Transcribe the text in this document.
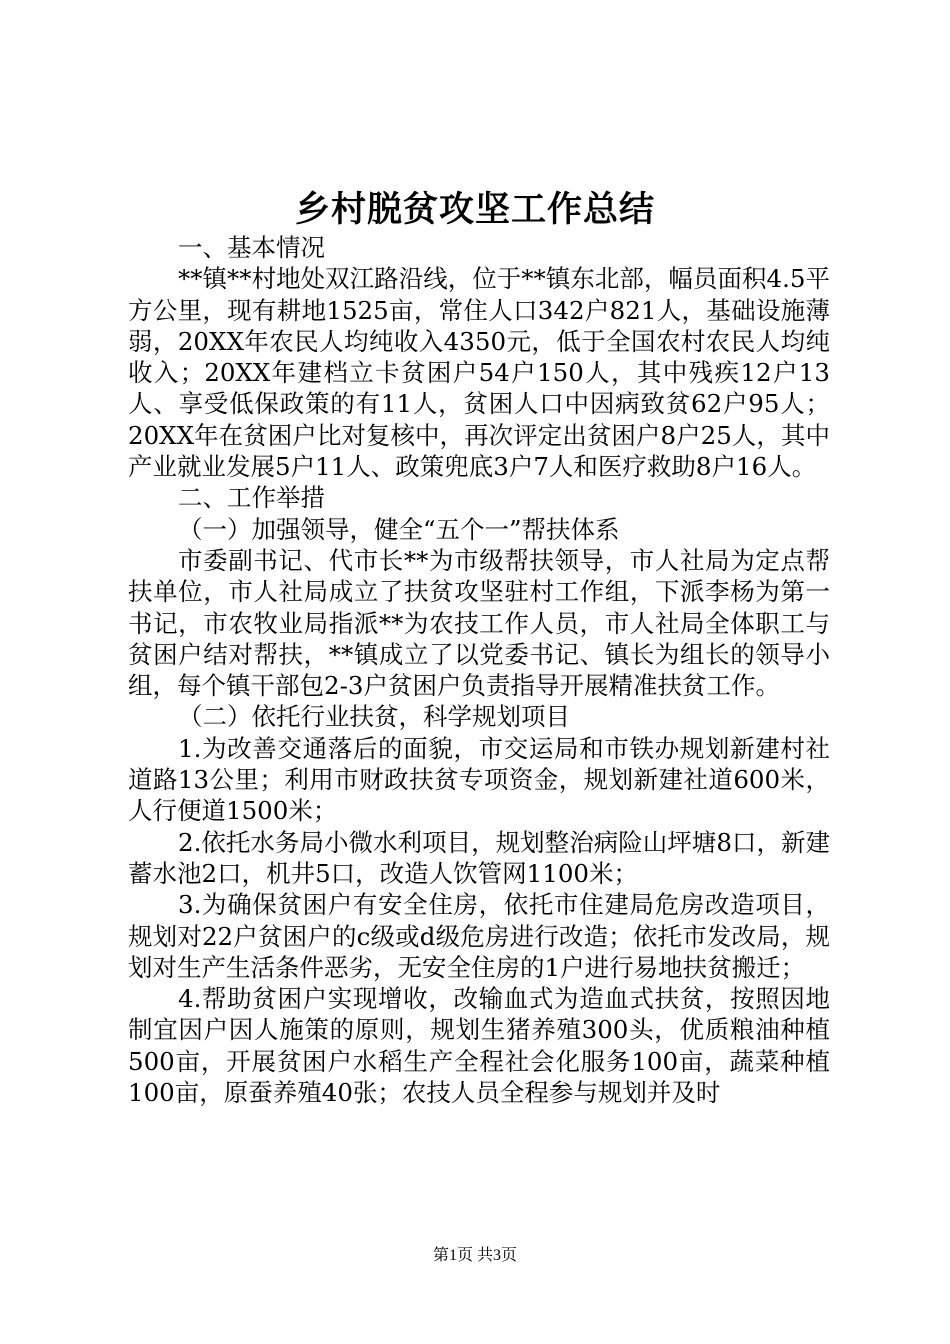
乡村脱贫攻坚工作总结

一、基本情况

**镇**村地处双江路沿线，位于**镇东北部，幅员面积4.5平方公里，现有耕地1525亩，常住人口342户821人，基础设施薄弱，20XX年农民人均纯收入4350元，低于全国农村农民人均纯收入；20XX年建档立卡贫困户54户150人，其中残疾12户13人、享受低保政策的有11人，贫困人口中因病致贫62户95人；20XX年在贫困户比对复核中，再次评定出贫困户8户25人，其中产业就业发展5户11人、政策兜底3户7人和医疗救助8户16人。

二、工作举措

（一）加强领导，健全“五个一”帮扶体系

市委副书记、代市长**为市级帮扶领导，市人社局为定点帮扶单位，市人社局成立了扶贫攻坚驻村工作组，下派李杨为第一书记，市农牧业局指派**为农技工作人员，市人社局全体职工与贫困户结对帮扶，**镇成立了以党委书记、镇长为组长的领导小组，每个镇干部包2-3户贫困户负责指导开展精准扶贫工作。

（二）依托行业扶贫，科学规划项目

1.为改善交通落后的面貌，市交运局和市铁办规划新建村社道路13公里；利用市财政扶贫专项资金，规划新建社道600米，人行便道1500米；

2.依托水务局小微水利项目，规划整治病险山坪塘8口，新建蓄水池2口，机井5口，改造人饮管网1100米；

3.为确保贫困户有安全住房，依托市住建局危房改造项目，规划对22户贫困户的c级或d级危房进行改造；依托市发改局，规划对生产生活条件恶劣，无安全住房的1户进行易地扶贫搬迁；

4.帮助贫困户实现增收，改输血式为造血式扶贫，按照因地制宜因户因人施策的原则，规划生猪养殖300头，优质粮油种植500亩，开展贫困户水稻生产全程社会化服务100亩，蔬菜种植100亩，原蚕养殖40张；农技人员全程参与规划并及时

第1页 共3页
